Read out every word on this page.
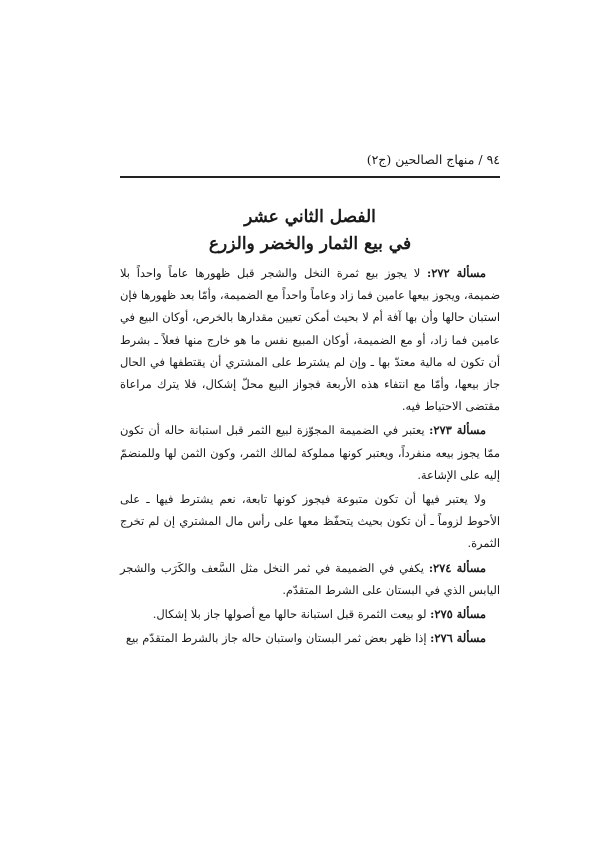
٩٤ / منهاج الصالحين (ج٢)
الفصل الثاني عشر
في بيع الثمار والخضر والزرع

مسألة ٢٧٢: لا يجوز بيع ثمرة النخل والشجر قبل ظهورها عاماً واحداً بلا ضميمة، ويجوز بيعها عامين فما زاد وعاماً واحداً مع الضميمة، وأمّا بعد ظهورها فإن استبان حالها وأن بها آفة أم لا بحيث أمكن تعيين مقدارها بالخرص، أوكان البيع في عامين فما زاد، أو مع الضميمة، أوكان المبيع نفس ما هو خارج منها فعلاً ـ بشرط أن تكون له مالية معتدّ بها ـ وإن لم يشترط على المشتري أن يقتطفها في الحال جاز بيعها، وأمّا مع انتفاء هذه الأربعة فجواز البيع محلّ إشكال، فلا يترك مراعاة مقتضى الاحتياط فيه.

مسألة ٢٧٣: يعتبر في الضميمة المجوّزة لبيع الثمر قبل استبانة حاله أن تكون ممّا يجوز بيعه منفرداً، ويعتبر كونها مملوكة لمالك الثمر، وكون الثمن لها وللمنضمّ إليه على الإشاعة.

ولا يعتبر فيها أن تكون متبوعة فيجوز كونها تابعة، نعم يشترط فيها ـ على الأحوط لزوماً ـ أن تكون بحيث يتحفّظ معها على رأس مال المشتري إن لم تخرج الثمرة.

مسألة ٢٧٤: يكفي في الضميمة في ثمر النخل مثل السَّعف والكَرَب والشجر اليابس الذي في البستان على الشرط المتقدّم.

مسألة ٢٧٥: لو بيعت الثمرة قبل استبانة حالها مع أصولها جاز بلا إشكال.

مسألة ٢٧٦: إذا ظهر بعض ثمر البستان واستبان حاله جاز بالشرط المتقدّم بيع
